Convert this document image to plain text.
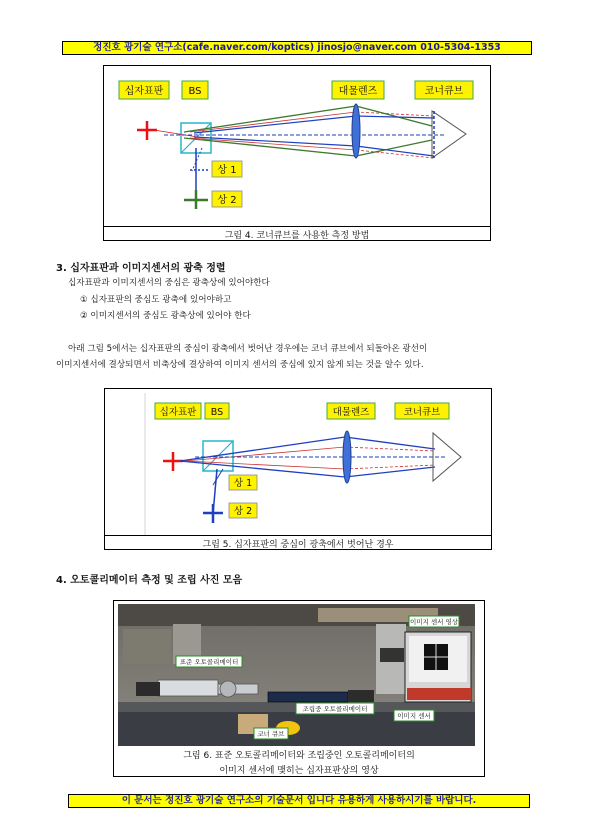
정진호 광기술 연구소(cafe.naver.com/koptics) jinosjo@naver.com 010-5304-1353
십자표판	BS	대물렌즈	코너큐브
상 1
상 2
그림 4. 코너큐브를 사용한 측정 방법
3. 십자표판과 이미지센서의 광축 정렬
십자표판과 이미지센서의 중심은 광축상에 있어야한다
① 십자표판의 중심도 광축에 있어야하고
② 이미지센서의 중심도 광축상에 있어야 한다
아래 그림 5에서는 십자표판의 중심이 광축에서 벗어난 경우에는 코너 큐브에서 되돌아온 광선이
이미지센서에 결상되면서 비축상에 결상하여 이미지 센서의 중심에 있지 않게 되는 것을 알수 있다.
십자표판 BS	대물렌즈	코너큐브
상 1
상 2
그림 5. 십자표판의 중심이 광축에서 벗어난 경우
4. 오토콜리메이터 측정 및 조립 사진 모음
표준 오토콜리메이터
조립중 오토콜리메이터
이미지 센서 영상
이미지 센서
코너 큐브
그림 6. 표준 오토콜리메이터와 조립중인 오토콜리메이터의
이미지 센서에 맺히는 십자표판상의 영상
이 문서는 정진호 광기술 연구소의 기술문서 입니다 유용하게 사용하시기를 바랍니다.
